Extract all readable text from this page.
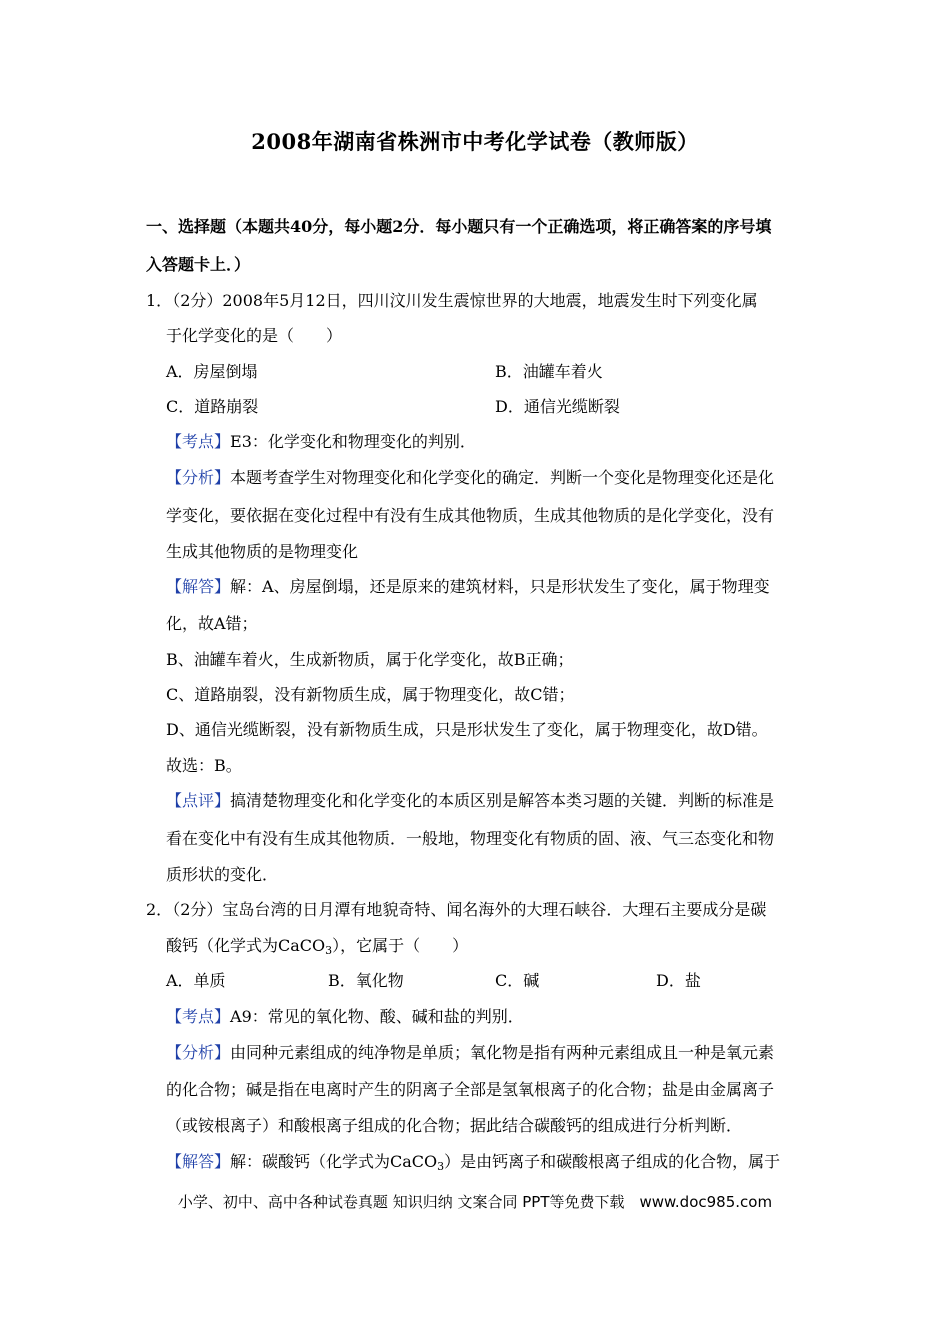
2008年湖南省株洲市中考化学试卷（教师版）
一、选择题（本题共40分，每小题2分．每小题只有一个正确选项，将正确答案的序号填
入答题卡上．）
1．（2分）2008年5月12日，四川汶川发生震惊世界的大地震，地震发生时下列变化属
于化学变化的是（　　）
A．房屋倒塌	B．油罐车着火
C．道路崩裂	D．通信光缆断裂
【考点】E3：化学变化和物理变化的判别．
【分析】本题考查学生对物理变化和化学变化的确定．判断一个变化是物理变化还是化
学变化，要依据在变化过程中有没有生成其他物质，生成其他物质的是化学变化，没有
生成其他物质的是物理变化
【解答】解：A、房屋倒塌，还是原来的建筑材料，只是形状发生了变化，属于物理变
化，故A错；
B、油罐车着火，生成新物质，属于化学变化，故B正确；
C、道路崩裂，没有新物质生成，属于物理变化，故C错；
D、通信光缆断裂，没有新物质生成，只是形状发生了变化，属于物理变化，故D错。
故选：B。
【点评】搞清楚物理变化和化学变化的本质区别是解答本类习题的关键．判断的标准是
看在变化中有没有生成其他物质．一般地，物理变化有物质的固、液、气三态变化和物
质形状的变化．
2．（2分）宝岛台湾的日月潭有地貌奇特、闻名海外的大理石峡谷．大理石主要成分是碳
酸钙（化学式为CaCO$_3$），它属于（　　）
A．单质	B．氧化物	C．碱	D．盐
【考点】A9：常见的氧化物、酸、碱和盐的判别．
【分析】由同种元素组成的纯净物是单质；氧化物是指有两种元素组成且一种是氧元素
的化合物；碱是指在电离时产生的阴离子全部是氢氧根离子的化合物；盐是由金属离子
（或铵根离子）和酸根离子组成的化合物；据此结合碳酸钙的组成进行分析判断．
【解答】解：碳酸钙（化学式为CaCO$_3$）是由钙离子和碳酸根离子组成的化合物，属于
小学、初中、高中各种试卷真题 知识归纳 文案合同 PPT等免费下载　www.doc985.com
